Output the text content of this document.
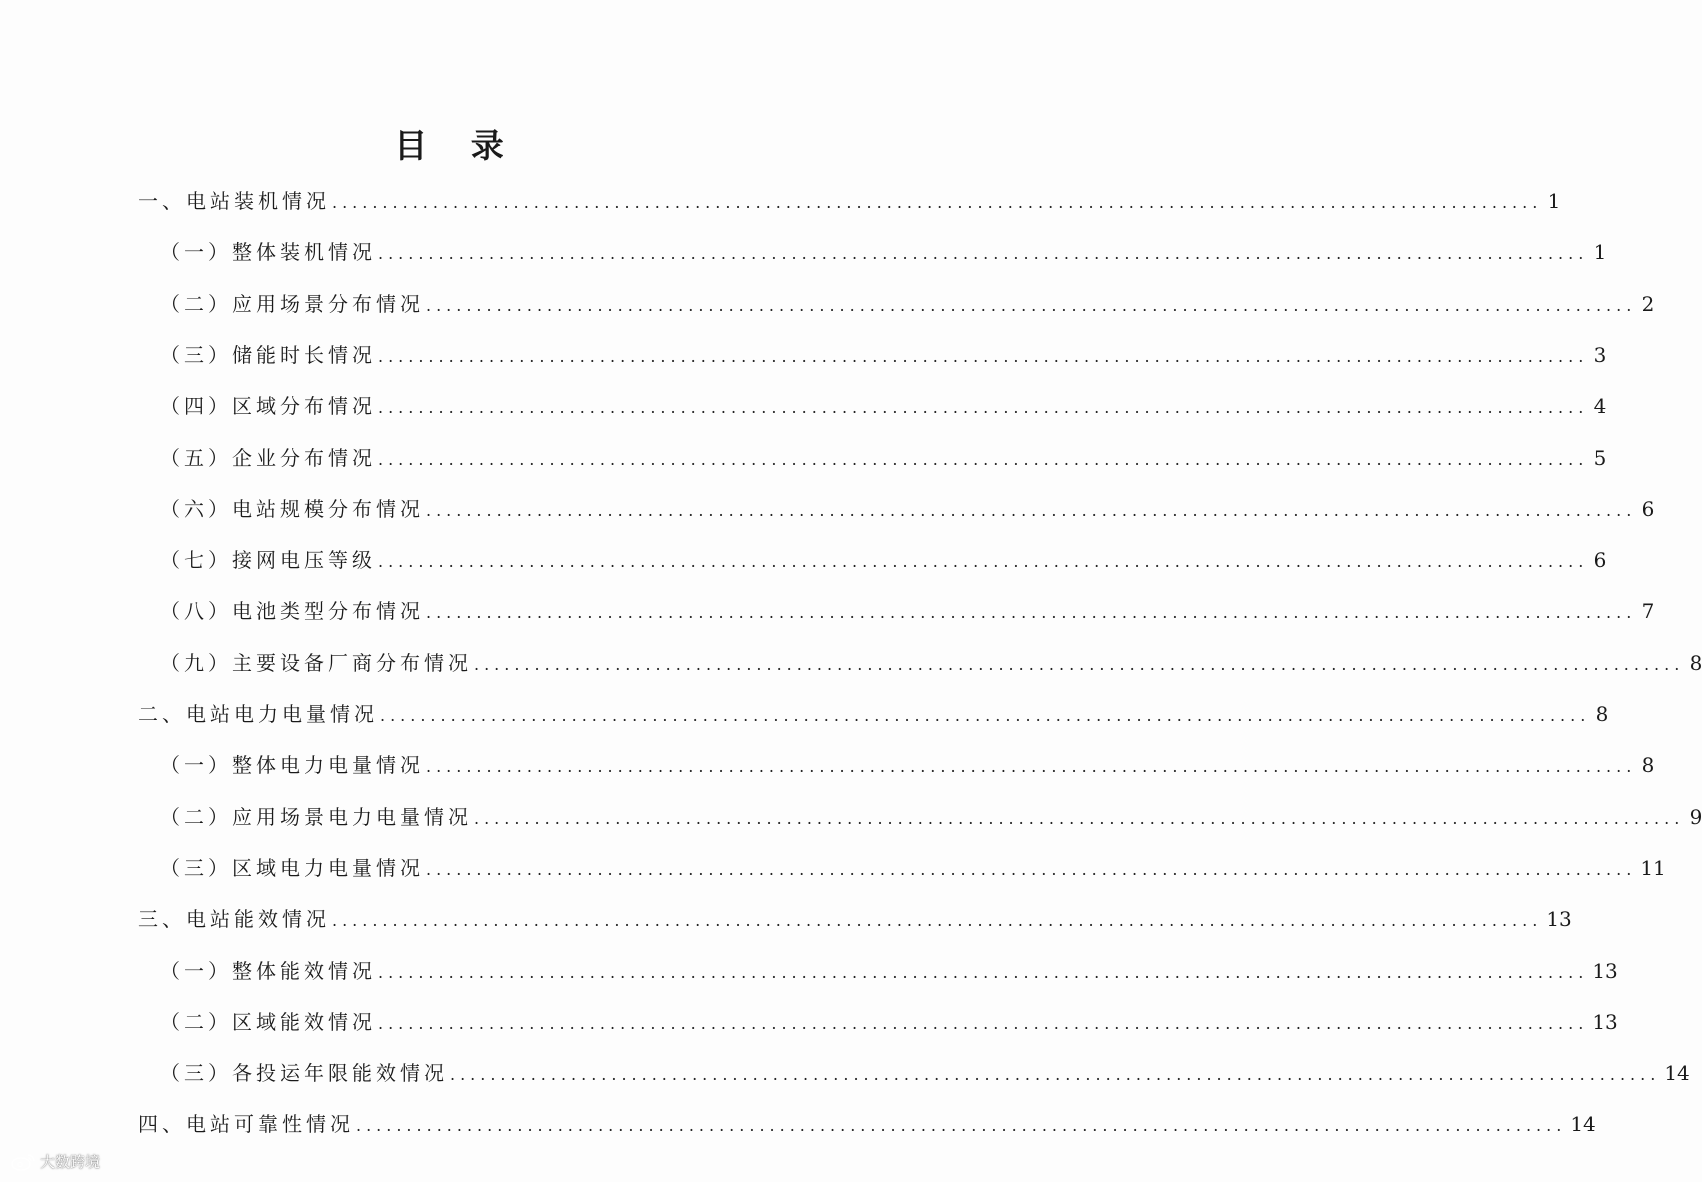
目 录
一、电站装机情况 ........................................................................................................................ 1
（一）整体装机情况 ........................................................................................................................ 1
（二）应用场景分布情况 ........................................................................................................................ 2
（三）储能时长情况 ........................................................................................................................ 3
（四）区域分布情况 ........................................................................................................................ 4
（五）企业分布情况 ........................................................................................................................ 5
（六）电站规模分布情况 ........................................................................................................................ 6
（七）接网电压等级 ........................................................................................................................ 6
（八）电池类型分布情况 ........................................................................................................................ 7
（九）主要设备厂商分布情况 ........................................................................................................................ 8
二、电站电力电量情况 ........................................................................................................................ 8
（一）整体电力电量情况 ........................................................................................................................ 8
（二）应用场景电力电量情况 ........................................................................................................................ 9
（三）区域电力电量情况 ........................................................................................................................ 11
三、电站能效情况 ........................................................................................................................ 13
（一）整体能效情况 ........................................................................................................................ 13
（二）区域能效情况 ........................................................................................................................ 13
（三）各投运年限能效情况 ........................................................................................................................ 14
四、电站可靠性情况 ........................................................................................................................ 14
大数跨境
